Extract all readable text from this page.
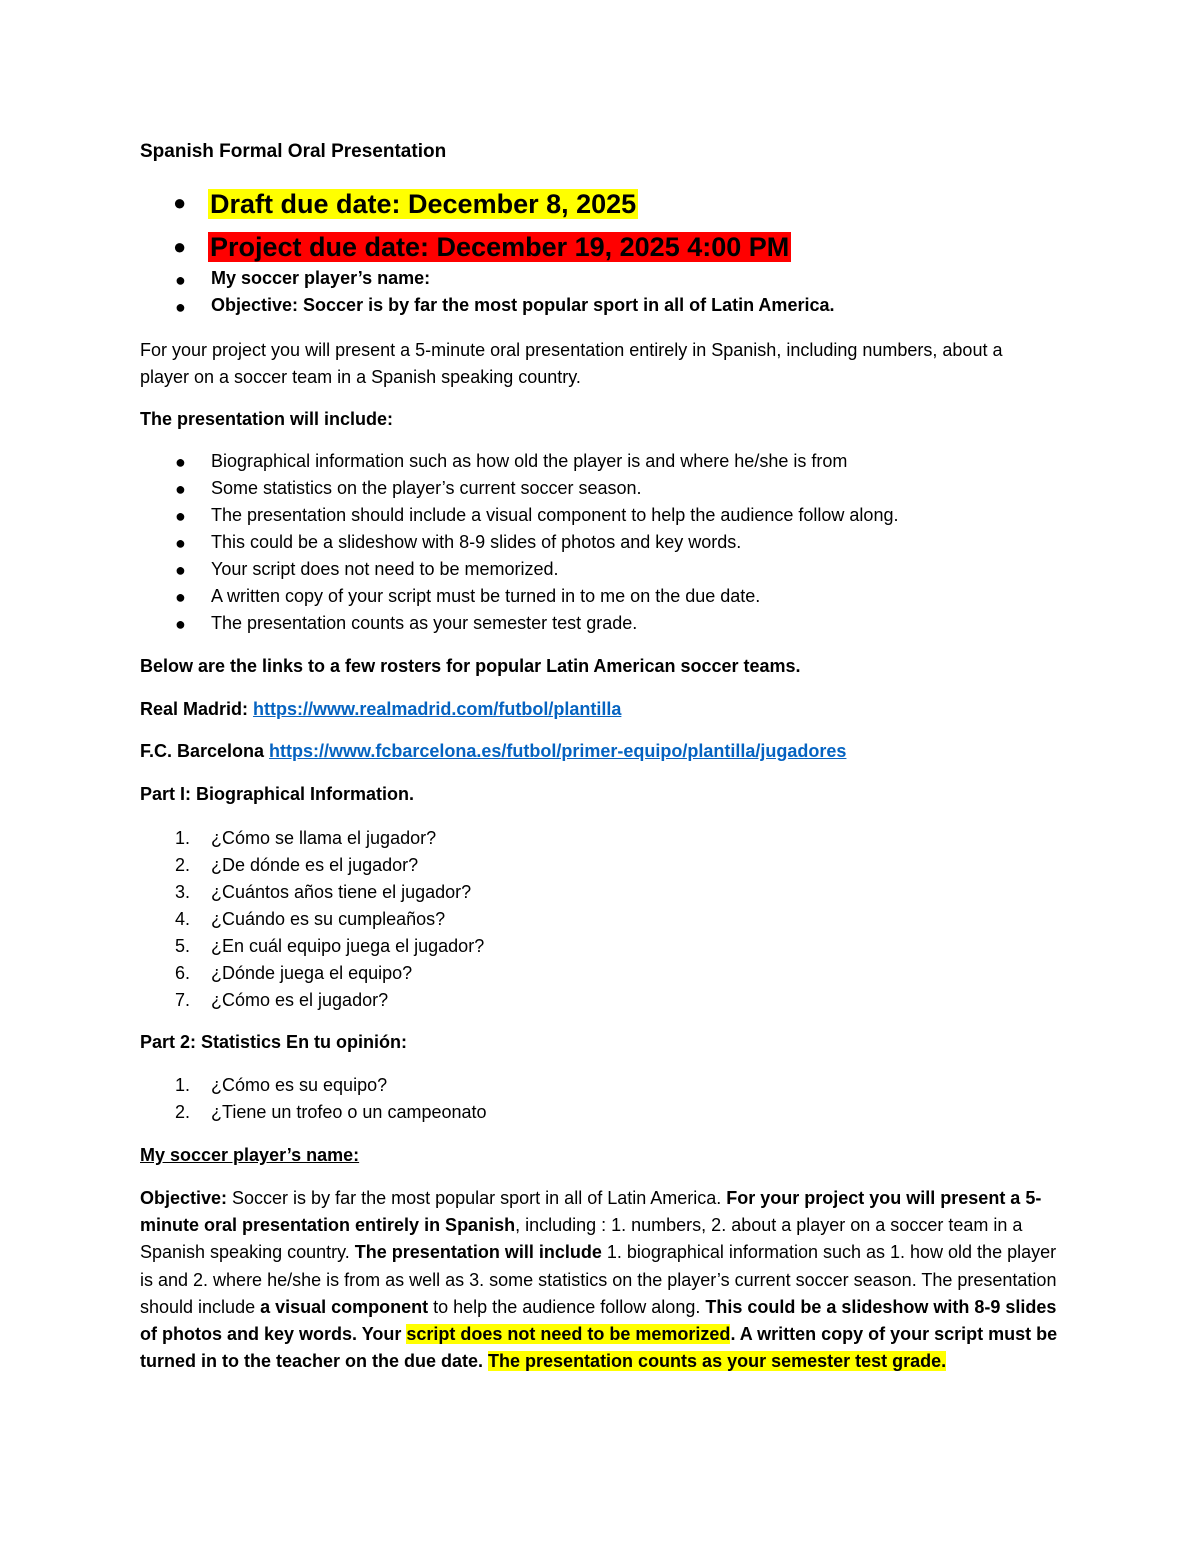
Spanish Formal Oral Presentation
● Draft due date: December 8, 2025
● Project due date: December 19, 2025 4:00 PM
● My soccer player’s name:
● Objective: Soccer is by far the most popular sport in all of Latin America.
For your project you will present a 5-minute oral presentation entirely in Spanish, including numbers, about a
player on a soccer team in a Spanish speaking country.
The presentation will include:
● Biographical information such as how old the player is and where he/she is from
● Some statistics on the player’s current soccer season.
● The presentation should include a visual component to help the audience follow along.
● This could be a slideshow with 8-9 slides of photos and key words.
● Your script does not need to be memorized.
● A written copy of your script must be turned in to me on the due date.
● The presentation counts as your semester test grade.
Below are the links to a few rosters for popular Latin American soccer teams.
Real Madrid: https://www.realmadrid.com/futbol/plantilla
F.C. Barcelona https://www.fcbarcelona.es/futbol/primer-equipo/plantilla/jugadores
Part I: Biographical Information.
1. ¿Cómo se llama el jugador?
2. ¿De dónde es el jugador?
3. ¿Cuántos años tiene el jugador?
4. ¿Cuándo es su cumpleaños?
5. ¿En cuál equipo juega el jugador?
6. ¿Dónde juega el equipo?
7. ¿Cómo es el jugador?
Part 2: Statistics En tu opinión:
1. ¿Cómo es su equipo?
2. ¿Tiene un trofeo o un campeonato
My soccer player’s name:
Objective: Soccer is by far the most popular sport in all of Latin America. For your project you will present a 5-minute oral presentation entirely in Spanish, including : 1. numbers, 2. about a player on a soccer team in a Spanish speaking country. The presentation will include 1. biographical information such as 1. how old the player is and 2. where he/she is from as well as 3. some statistics on the player’s current soccer season. The presentation should include a visual component to help the audience follow along. This could be a slideshow with 8-9 slides of photos and key words. Your script does not need to be memorized. A written copy of your script must be turned in to the teacher on the due date. The presentation counts as your semester test grade.
